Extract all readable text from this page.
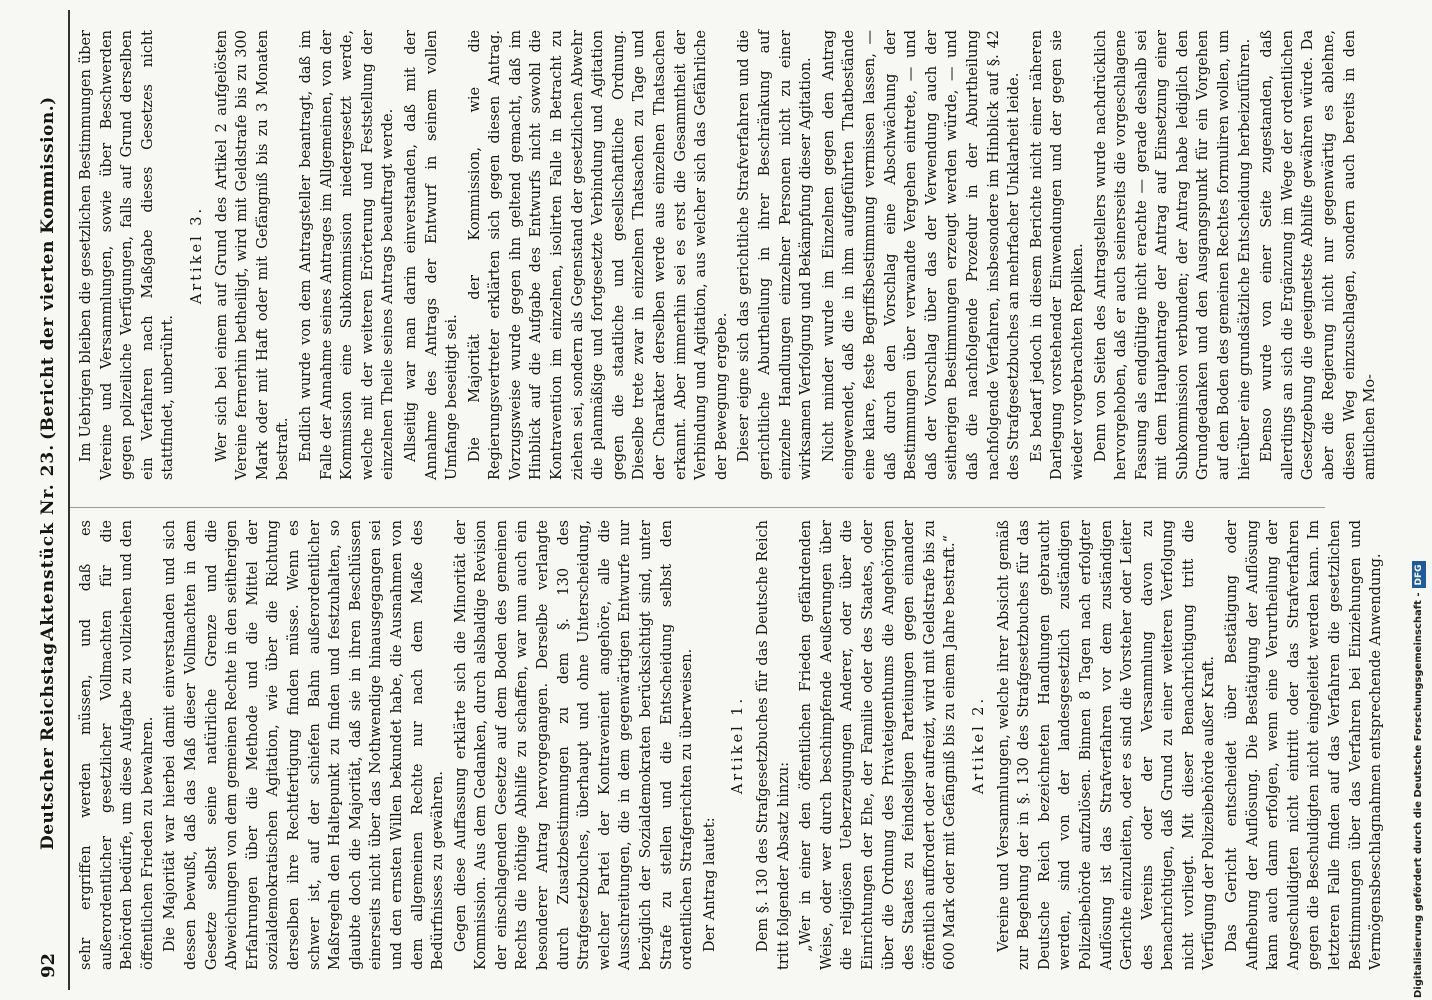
92
Deutscher Reichstag.
Aktenstück Nr. 23.
(Bericht der vierten Kommission.)

sehr ergriffen werden müssen, und daß es außerordentlicher gesetzlicher Vollmachten für die Behörden bedürfe, um diese Aufgabe zu vollziehen und den öffentlichen Frieden zu bewahren. Die Majorität war hierbei damit einverstanden und sich dessen bewußt, daß das Maß dieser Vollmachten in dem Gesetze selbst seine natürliche Grenze und die Abweichungen von dem gemeinen Rechte in den seitherigen Erfahrungen über die Methode und die Mittel der sozialdemokratischen Agitation, wie über die Richtung derselben ihre Rechtfertigung finden müsse. Wenn es schwer ist, auf der schiefen Bahn außerordentlicher Maßregeln den Haltepunkt zu finden und festzuhalten, so glaubte doch die Majorität, daß sie in ihren Beschlüssen einerseits nicht über das Nothwendige hinausgegangen sei und den ernsten Willen bekundet habe, die Ausnahmen von dem allgemeinen Rechte nur nach dem Maße des Bedürfnisses zu gewähren. Gegen diese Auffassung erklärte sich die Minorität der Kommission. Aus dem Gedanken, durch alsbaldige Revision der einschlagenden Gesetze auf dem Boden des gemeinen Rechts die nöthige Abhilfe zu schaffen, war nun auch ein besonderer Antrag hervorgegangen. Derselbe verlangte durch Zusatzbestimmungen zu dem §. 130 des Strafgesetzbuches, überhaupt und ohne Unterscheidung, welcher Partei der Kontravenient angehöre, alle die Ausschreitungen, die in dem gegenwärtigen Entwurfe nur bezüglich der Sozialdemokraten berücksichtigt sind, unter Strafe zu stellen und die Entscheidung selbst den ordentlichen Strafgerichten zu überweisen. Der Antrag lautet:

Artikel 1. Dem §. 130 des Strafgesetzbuches für das Deutsche Reich tritt folgender Absatz hinzu: „Wer in einer den öffentlichen Frieden gefährdenden Weise, oder wer durch beschimpfende Aeußerungen über die religiösen Ueberzeugungen Anderer, oder über die Einrichtungen der Ehe, der Familie oder des Staates, oder über die Ordnung des Privateigenthums die Angehörigen des Staates zu feindseligen Parteiungen gegen einander öffentlich auffordert oder aufreizt, wird mit Geldstrafe bis zu 600 Mark oder mit Gefängniß bis zu einem Jahre bestraft.“ Artikel 2. Vereine und Versammlungen, welche ihrer Absicht gemäß zur Begehung der in §. 130 des Strafgesetzbuches für das Deutsche Reich bezeichneten Handlungen gebraucht werden, sind von der landesgesetzlich zuständigen Polizeibehörde aufzulösen. Binnen 8 Tagen nach erfolgter Auflösung ist das Strafverfahren vor dem zuständigen Gerichte einzuleiten, oder es sind die Vorsteher oder Leiter des Vereins oder der Versammlung davon zu benachrichtigen, daß Grund zu einer weiteren Verfolgung nicht vorliegt. Mit dieser Benachrichtigung tritt die Verfügung der Polizeibehörde außer Kraft. Das Gericht entscheidet über Bestätigung oder Aufhebung der Auflösung. Die Bestätigung der Auflösung kann auch dann erfolgen, wenn eine Verurtheilung der Angeschuldigten nicht eintritt oder das Strafverfahren gegen die Beschuldigten nicht eingeleitet werden kann. Im letzteren Falle finden auf das Verfahren die gesetzlichen Bestimmungen über das Verfahren bei Einziehungen und Vermögensbeschlagnahmen entsprechende Anwendung.

Im Uebrigen bleiben die gesetzlichen Bestimmungen über Vereine und Versammlungen, sowie über Beschwerden gegen polizeiliche Verfügungen, falls auf Grund derselben ein Verfahren nach Maßgabe dieses Gesetzes nicht stattfindet, unberührt.

Artikel 3. Wer sich bei einem auf Grund des Artikel 2 aufgelösten Vereine fernerhin betheiligt, wird mit Geldstrafe bis zu 300 Mark oder mit Haft oder mit Gefängniß bis zu 3 Monaten bestraft. Endlich wurde von dem Antragsteller beantragt, daß im Falle der Annahme seines Antrages im Allgemeinen, von der Kommission eine Subkommission niedergesetzt werde, welche mit der weiteren Erörterung und Feststellung der einzelnen Theile seines Antrags beauftragt werde. Allseitig war man darin einverstanden, daß mit der Annahme des Antrags der Entwurf in seinem vollen Umfange beseitigt sei. Die Majorität der Kommission, wie die Regierungsvertreter erklärten sich gegen diesen Antrag. Vorzugsweise wurde gegen ihn geltend gemacht, daß im Hinblick auf die Aufgabe des Entwurfs nicht sowohl die Kontravention im einzelnen, isolirten Falle in Betracht zu ziehen sei, sondern als Gegenstand der gesetzlichen Abwehr die planmäßige und fortgesetzte Verbindung und Agitation gegen die staatliche und gesellschaftliche Ordnung. Dieselbe trete zwar in einzelnen Thatsachen zu Tage und der Charakter derselben werde aus einzelnen Thatsachen erkannt. Aber immerhin sei es erst die Gesammtheit der Verbindung und Agitation, aus welcher sich das Gefährliche der Bewegung ergebe. Dieser eigne sich das gerichtliche Strafverfahren und die gerichtliche Aburtheilung in ihrer Beschränkung auf einzelne Handlungen einzelner Personen nicht zu einer wirksamen Verfolgung und Bekämpfung dieser Agitation. Nicht minder wurde im Einzelnen gegen den Antrag eingewendet, daß die in ihm aufgeführten Thatbestände eine klare, feste Begriffsbestimmung vermissen lassen, — daß durch den Vorschlag eine Abschwächung der Bestimmungen über verwandte Vergehen eintrete, — und daß der Vorschlag über das der Verwendung auch der seitherigen Bestimmungen erzeugt werden würde, — und daß die nachfolgende Prozedur in der Aburtheilung nachfolgende Verfahren, insbesondere im Hinblick auf §. 42 des Strafgesetzbuches an mehrfacher Unklarheit leide. Es bedarf jedoch in diesem Berichte nicht einer näheren Darlegung vorstehender Einwendungen und der gegen sie wieder vorgebrachten Repliken. Denn von Seiten des Antragstellers wurde nachdrücklich hervorgehoben, daß er auch seinerseits die vorgeschlagene Fassung als endgültige nicht erachte — gerade deshalb sei mit dem Hauptantrage der Antrag auf Einsetzung einer Subkommission verbunden; der Antrag habe lediglich den Grundgedanken und den Ausgangspunkt für ein Vorgehen auf dem Boden des gemeinen Rechtes formuliren wollen, um hierüber eine grundsätzliche Entscheidung herbeizuführen. Ebenso wurde von einer Seite zugestanden, daß allerdings an sich die Ergänzung im Wege der ordentlichen Gesetzgebung die geeignetste Abhilfe gewähren würde. Da aber die Regierung nicht nur gegenwärtig es ablehne, diesen Weg einzuschlagen, sondern auch bereits in den amtlichen Mo-

Digitalisierung gefördert durch die Deutsche Forschungsgemeinschaft -DFG
